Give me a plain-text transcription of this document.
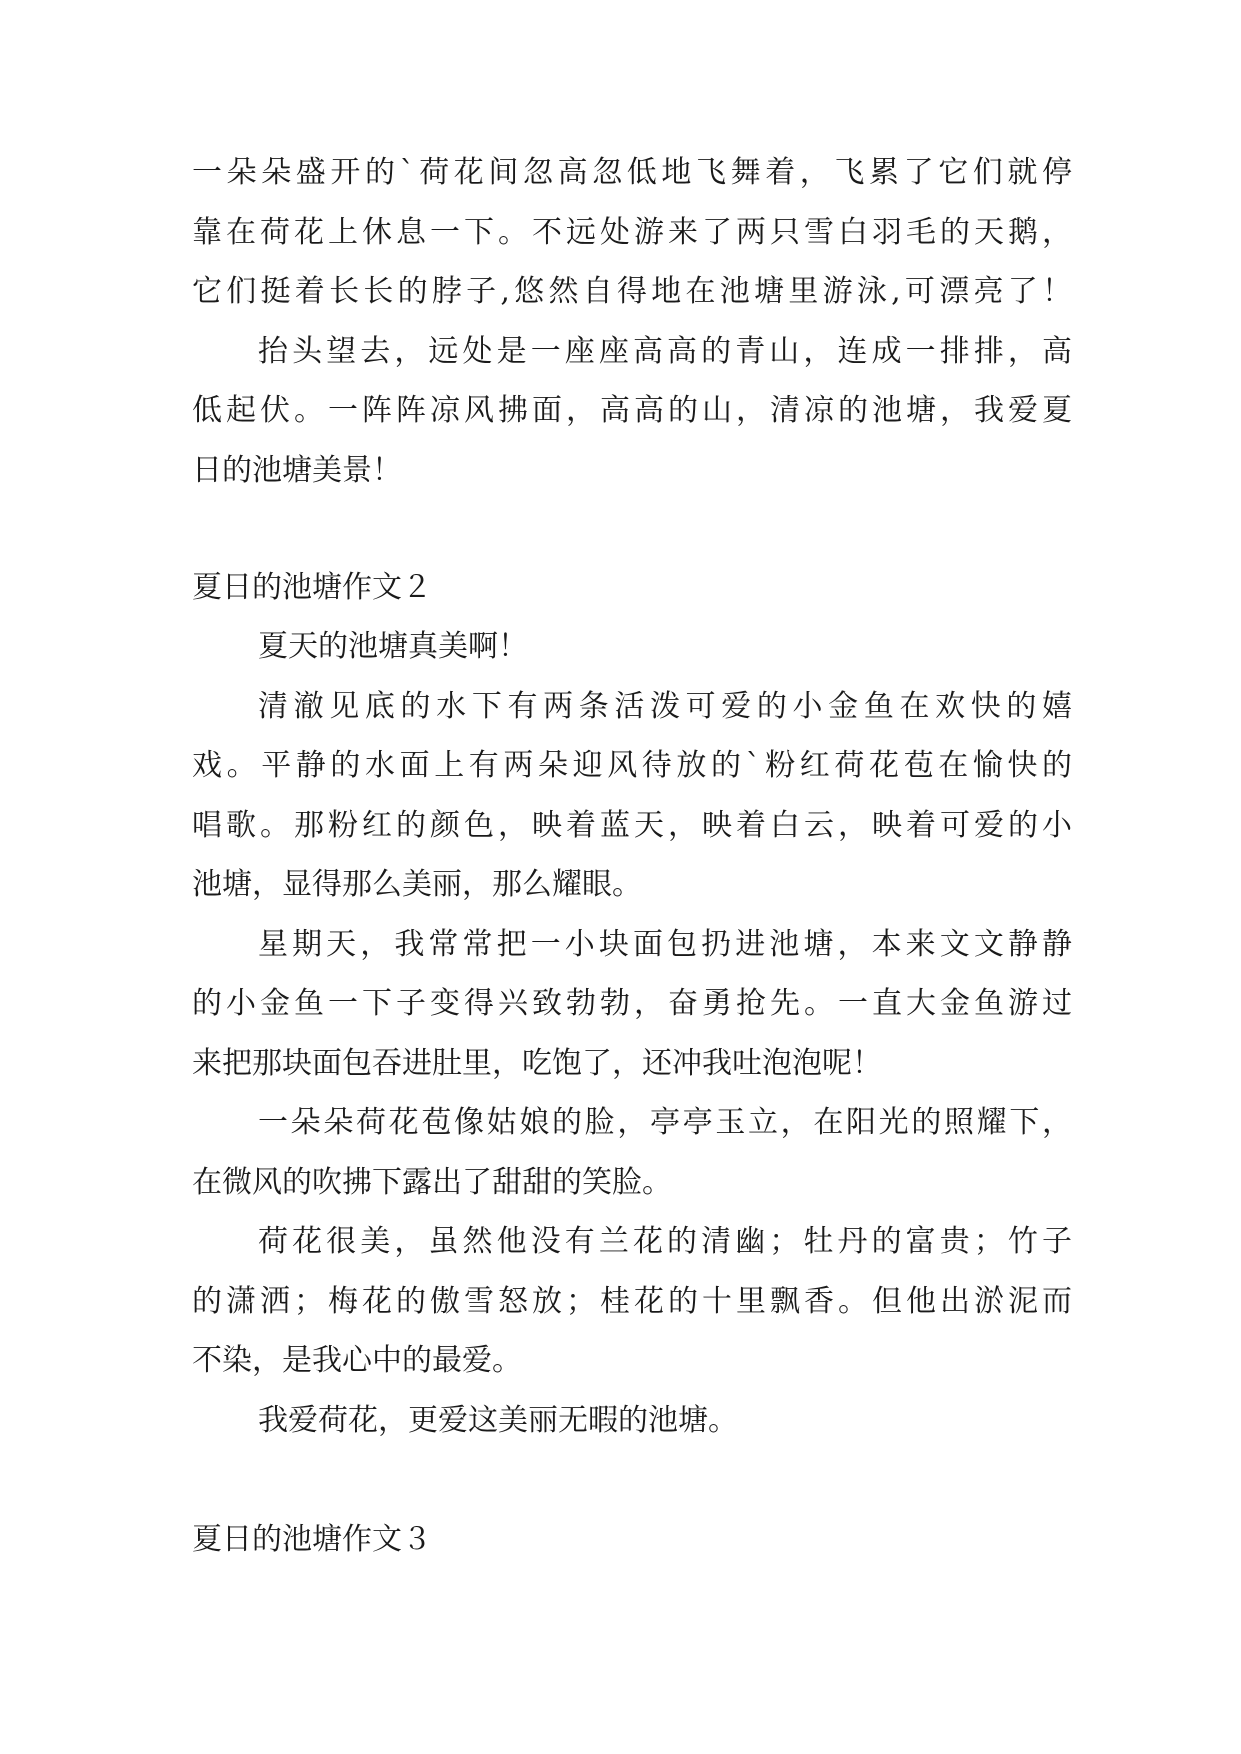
一朵朵盛开的`荷花间忽高忽低地飞舞着，飞累了它们就停
靠在荷花上休息一下。不远处游来了两只雪白羽毛的天鹅，
它们挺着长长的脖子,悠然自得地在池塘里游泳,可漂亮了！
抬头望去，远处是一座座高高的青山，连成一排排，高
低起伏。一阵阵凉风拂面，高高的山，清凉的池塘，我爱夏
日的池塘美景！
夏日的池塘作文２
夏天的池塘真美啊！
清澈见底的水下有两条活泼可爱的小金鱼在欢快的嬉
戏。平静的水面上有两朵迎风待放的`粉红荷花苞在愉快的
唱歌。那粉红的颜色，映着蓝天，映着白云，映着可爱的小
池塘，显得那么美丽，那么耀眼。
星期天，我常常把一小块面包扔进池塘，本来文文静静
的小金鱼一下子变得兴致勃勃，奋勇抢先。一直大金鱼游过
来把那块面包吞进肚里，吃饱了，还冲我吐泡泡呢！
一朵朵荷花苞像姑娘的脸，亭亭玉立，在阳光的照耀下，
在微风的吹拂下露出了甜甜的笑脸。
荷花很美，虽然他没有兰花的清幽；牡丹的富贵；竹子
的潇洒；梅花的傲雪怒放；桂花的十里飘香。但他出淤泥而
不染，是我心中的最爱。
我爱荷花，更爱这美丽无暇的池塘。
夏日的池塘作文３
